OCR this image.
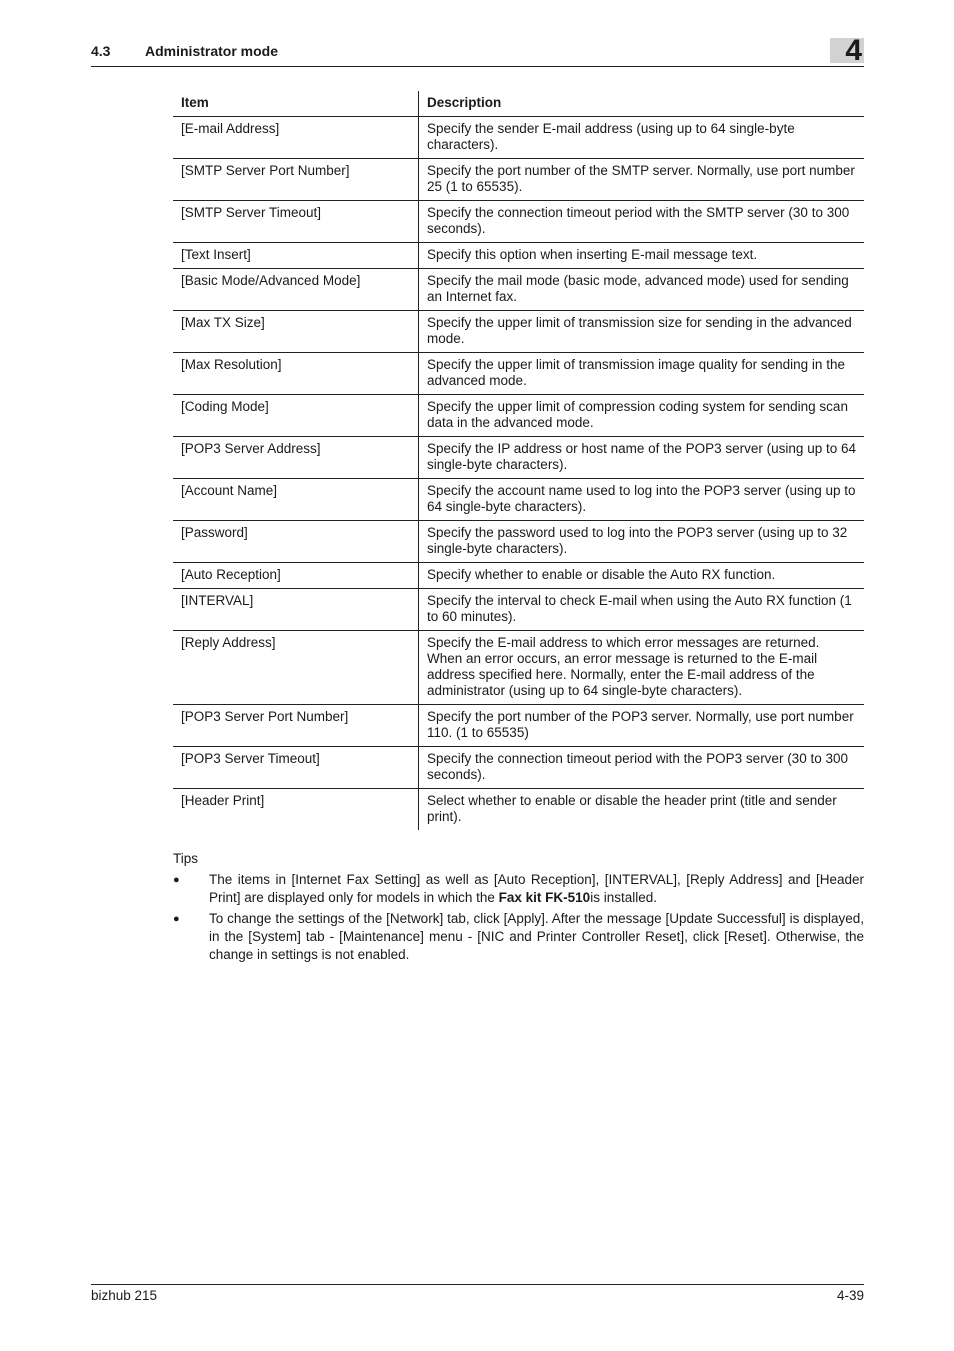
4.3 Administrator mode	4
Item	Description
[E-mail Address]	Specify the sender E-mail address (using up to 64 single-byte characters).
[SMTP Server Port Number]	Specify the port number of the SMTP server. Normally, use port number 25 (1 to 65535).
[SMTP Server Timeout]	Specify the connection timeout period with the SMTP server (30 to 300 seconds).
[Text Insert]	Specify this option when inserting E-mail message text.
[Basic Mode/Advanced Mode]	Specify the mail mode (basic mode, advanced mode) used for sending an Internet fax.
[Max TX Size]	Specify the upper limit of transmission size for sending in the advanced mode.
[Max Resolution]	Specify the upper limit of transmission image quality for sending in the advanced mode.
[Coding Mode]	Specify the upper limit of compression coding system for sending scan data in the advanced mode.
[POP3 Server Address]	Specify the IP address or host name of the POP3 server (using up to 64 single-byte characters).
[Account Name]	Specify the account name used to log into the POP3 server (using up to 64 single-byte characters).
[Password]	Specify the password used to log into the POP3 server (using up to 32 single-byte characters).
[Auto Reception]	Specify whether to enable or disable the Auto RX function.
[INTERVAL]	Specify the interval to check E-mail when using the Auto RX function (1 to 60 minutes).
[Reply Address]	Specify the E-mail address to which error messages are returned. When an error occurs, an error message is returned to the E-mail address specified here. Normally, enter the E-mail address of the administrator (using up to 64 single-byte characters).
[POP3 Server Port Number]	Specify the port number of the POP3 server. Normally, use port number 110. (1 to 65535)
[POP3 Server Timeout]	Specify the connection timeout period with the POP3 server (30 to 300 seconds).
[Header Print]	Select whether to enable or disable the header print (title and sender print).
Tips
● The items in [Internet Fax Setting] as well as [Auto Reception], [INTERVAL], [Reply Address] and [Header Print] are displayed only for models in which the Fax kit FK-510is installed.
● To change the settings of the [Network] tab, click [Apply]. After the message [Update Successful] is displayed, in the [System] tab - [Maintenance] menu - [NIC and Printer Controller Reset], click [Reset]. Otherwise, the change in settings is not enabled.
bizhub 215	4-39
